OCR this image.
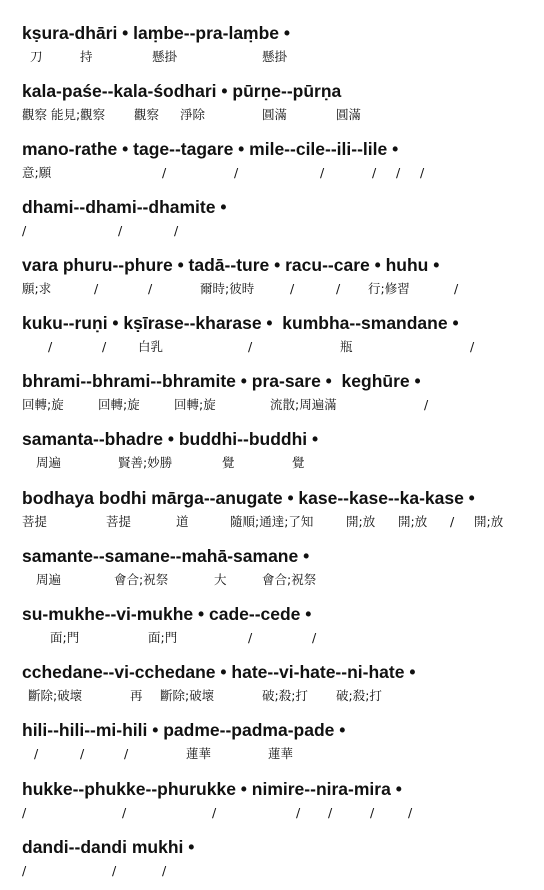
kṣura-dhāri • laṃbe--pra-laṃbe •
刀	持	懸掛	懸掛
kala-paśe--kala-śodhari • pūrṇe--pūrṇa
觀察 能見;觀察 觀察 淨除	圓滿	圓滿
mano-rathe • tage--tagare • mile--cile--ili--lile •
意;願	/	/	/	/ / /
dhami--dhami--dhamite •
/	/	/
vara phuru--phure • tadā--ture • racu--care • huhu •
願;求	/	/	爾時;彼時	/	/ 行;修習	/
kuku--ruṇi • kṣīrase--kharase •  kumbha--smandane •
/	/	白乳	/	瓶	/
bhrami--bhrami--bhramite • pra-sare •  keghūre •
回轉;旋	回轉;旋	回轉;旋	流散;周遍滿	/
samanta--bhadre • buddhi--buddhi •
周遍	賢善;妙勝	覺	覺
bodhaya bodhi mārga--anugate • kase--kase--ka-kase •
菩提	菩提	道	隨順;通達;了知	開;放 開;放 / 開;放
samante--samane--mahā-samane •
周遍	會合;祝祭	大	會合;祝祭
su-mukhe--vi-mukhe • cade--cede •
面;門	面;門	/	/
cchedane--vi-cchedane • hate--vi-hate--ni-hate •
斷除;破壞	再 斷除;破壞	破;殺;打 破;殺;打
hili--hili--mi-hili • padme--padma-pade •
/	/	/	蓮華	蓮華
hukke--phukke--phurukke • nimire--nira-mira •
/	/	/	/ /	/	/
dandi--dandi mukhi •
/	/	/
